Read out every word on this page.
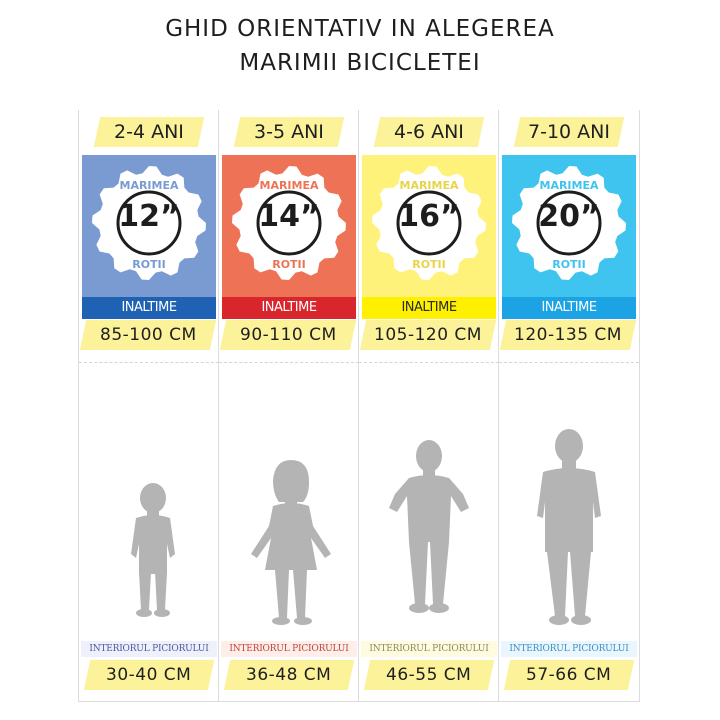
GHID ORIENTATIV IN ALEGEREA
MARIMII BICICLETEI
2-4 ANI
MARIMEA
ROTII
12”
INALTIME
85-100 CM
INTERIORUL PICIORULUI
30-40 CM
3-5 ANI
MARIMEA
ROTII
14”
INALTIME
90-110 CM
INTERIORUL PICIORULUI
36-48 CM
4-6 ANI
MARIMEA
ROTII
16”
INALTIME
105-120 CM
INTERIORUL PICIORULUI
46-55 CM
7-10 ANI
MARIMEA
ROTII
20”
INALTIME
120-135 CM
INTERIORUL PICIORULUI
57-66 CM
